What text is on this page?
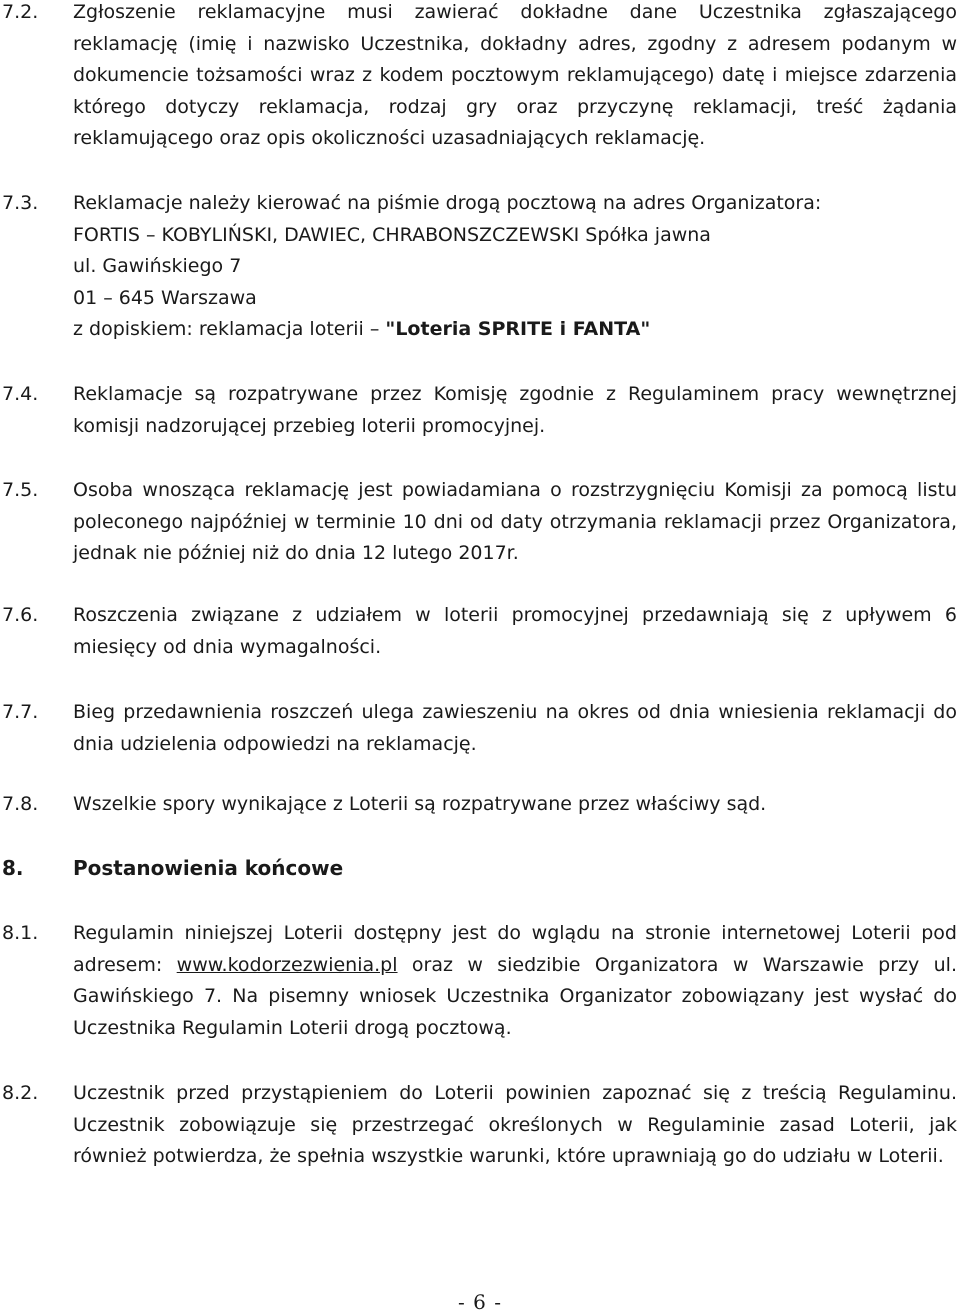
7.2. Zgłoszenie reklamacyjne musi zawierać dokładne dane Uczestnika zgłaszającego reklamację (imię i nazwisko Uczestnika, dokładny adres, zgodny z adresem podanym w dokumencie tożsamości wraz z kodem pocztowym reklamującego) datę i miejsce zdarzenia którego dotyczy reklamacja, rodzaj gry oraz przyczynę reklamacji, treść żądania reklamującego oraz opis okoliczności uzasadniających reklamację.
7.3. Reklamacje należy kierować na piśmie drogą pocztową na adres Organizatora:
FORTIS – KOBYLIŃSKI, DAWIEC, CHRABONSZCZEWSKI Spółka jawna
ul. Gawińskiego 7
01 – 645 Warszawa
z dopiskiem: reklamacja loterii – "Loteria SPRITE i FANTA"
7.4. Reklamacje są rozpatrywane przez Komisję zgodnie z Regulaminem pracy wewnętrznej komisji nadzorującej przebieg loterii promocyjnej.
7.5. Osoba wnosząca reklamację jest powiadamiana o rozstrzygnięciu Komisji za pomocą listu poleconego najpóźniej w terminie 10 dni od daty otrzymania reklamacji przez Organizatora, jednak nie później niż do dnia 12 lutego 2017r.
7.6. Roszczenia związane z udziałem w loterii promocyjnej przedawniają się z upływem 6 miesięcy od dnia wymagalności.
7.7. Bieg przedawnienia roszczeń ulega zawieszeniu na okres od dnia wniesienia reklamacji do dnia udzielenia odpowiedzi na reklamację.
7.8. Wszelkie spory wynikające z Loterii są rozpatrywane przez właściwy sąd.
8. Postanowienia końcowe
8.1. Regulamin niniejszej Loterii dostępny jest do wglądu na stronie internetowej Loterii pod adresem: www.kodorzezwienia.pl oraz w siedzibie Organizatora w Warszawie przy ul. Gawińskiego 7. Na pisemny wniosek Uczestnika Organizator zobowiązany jest wysłać do Uczestnika Regulamin Loterii drogą pocztową.
8.2. Uczestnik przed przystąpieniem do Loterii powinien zapoznać się z treścią Regulaminu. Uczestnik zobowiązuje się przestrzegać określonych w Regulaminie zasad Loterii, jak również potwierdza, że spełnia wszystkie warunki, które uprawniają go do udziału w Loterii.
- 6 -
